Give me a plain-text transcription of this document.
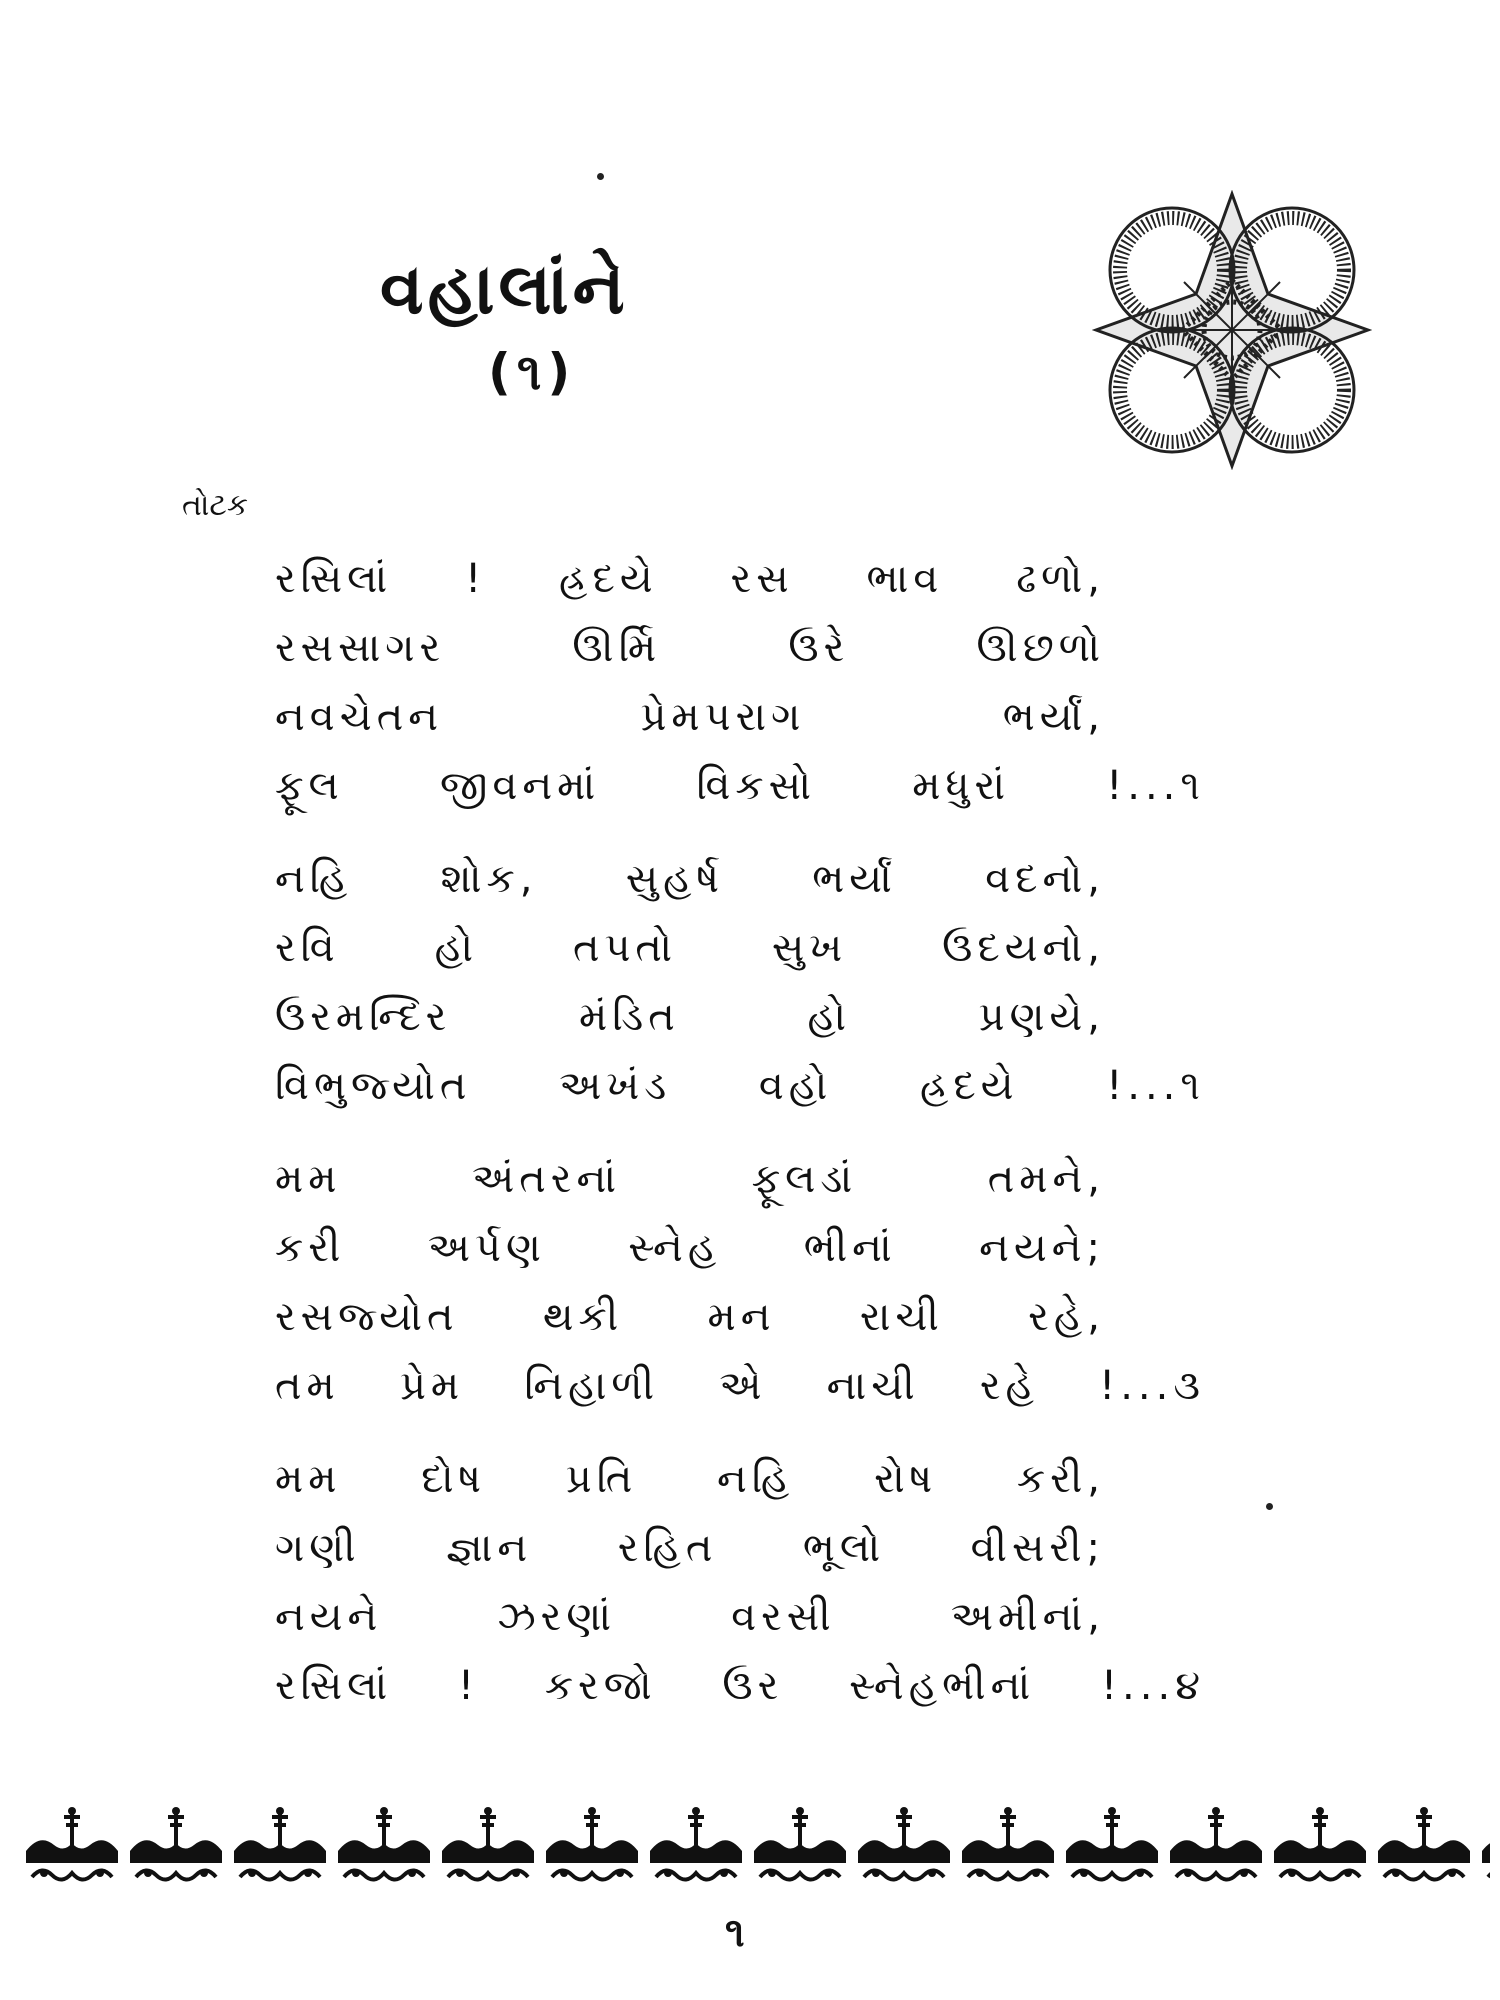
વહાલાંને
(૧)
તોટક
રસિલાં ! હ્રદયે રસ ભાવ ઢળો,
રસસાગર ઊર્મિ ઉરે ઊછળો
નવચેતન પ્રેમપરાગ ભર્યાં,
ફૂલ જીવનમાં વિકસો મધુરાં !...૧
નહિ શોક, સુહર્ષ ભર્યાં વદનો,
રવિ હો તપતો સુખ ઉદયનો,
ઉરમન્દિર મંડિત હો પ્રણયે,
વિભુજ્યોત અખંડ વહો હ્રદયે !...૧
મમ અંતરનાં ફૂલડાં તમને,
કરી અર્પણ સ્નેહ ભીનાં નયને;
રસજ્યોત થકી મન રાચી રહે,
તમ પ્રેમ નિહાળી એ નાચી રહે !...૩
મમ દોષ પ્રતિ નહિ રોષ કરી,
ગણી જ્ઞાન રહિત ભૂલો વીસરી;
નયને ઝરણાં વરસી અમીનાં,
રસિલાં ! કરજો ઉર સ્નેહભીનાં !...૪
૧
